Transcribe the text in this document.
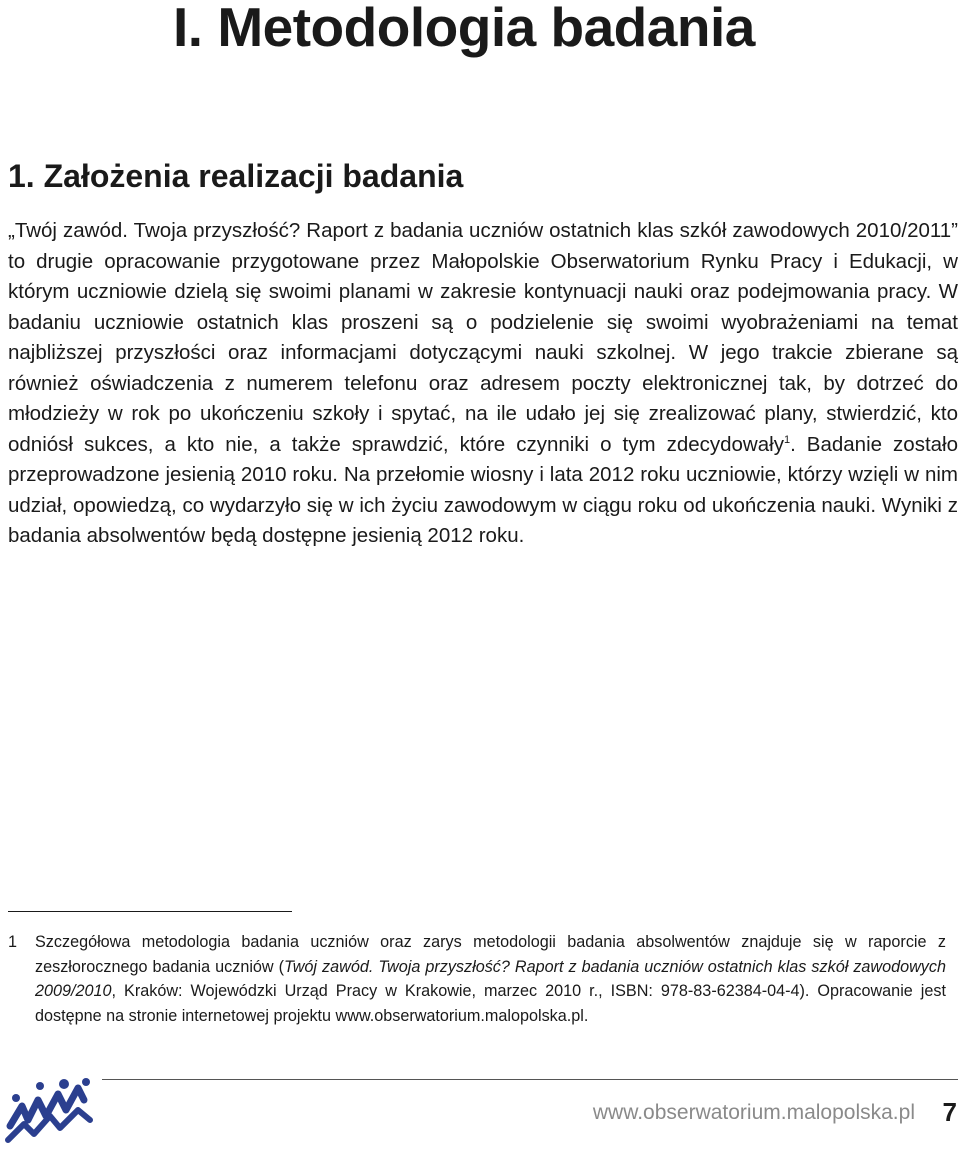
I. Metodologia badania
1. Założenia realizacji badania

„Twój zawód. Twoja przyszłość? Raport z badania uczniów ostatnich klas szkół zawodowych 2010/2011” to drugie opracowanie przygotowane przez Małopolskie Obserwatorium Rynku Pracy i Edukacji, w którym uczniowie dzielą się swoimi planami w zakresie kontynuacji nauki oraz podejmowania pracy. W badaniu uczniowie ostatnich klas proszeni są o podzielenie się swoimi wyobrażeniami na temat najbliższej przyszłości oraz informacjami dotyczącymi nauki szkolnej. W jego trakcie zbierane są również oświadczenia z numerem telefonu oraz adresem poczty elektronicznej tak, by dotrzeć do młodzieży w rok po ukończeniu szkoły i spytać, na ile udało jej się zrealizować plany, stwierdzić, kto odniósł sukces, a kto nie, a także sprawdzić, które czynniki o tym zdecydowały$^1$. Badanie zostało przeprowadzone jesienią 2010 roku. Na przełomie wiosny i lata 2012 roku uczniowie, którzy wzięli w nim udział, opowiedzą, co wydarzyło się w ich życiu zawodowym w ciągu roku od ukończenia nauki. Wyniki z badania absolwentów będą dostępne jesienią 2012 roku.

1	Szczegółowa metodologia badania uczniów oraz zarys metodologii badania absolwentów znajduje się w raporcie z zeszłorocznego badania uczniów (Twój zawód. Twoja przyszłość? Raport z badania uczniów ostatnich klas szkół zawodowych 2009/2010, Kraków: Wojewódzki Urząd Pracy w Krakowie, marzec 2010 r., ISBN: 978-83-62384-04-4). Opracowanie jest dostępne na stronie internetowej projektu www.obserwatorium.malopolska.pl.

www.obserwatorium.malopolska.pl 7
